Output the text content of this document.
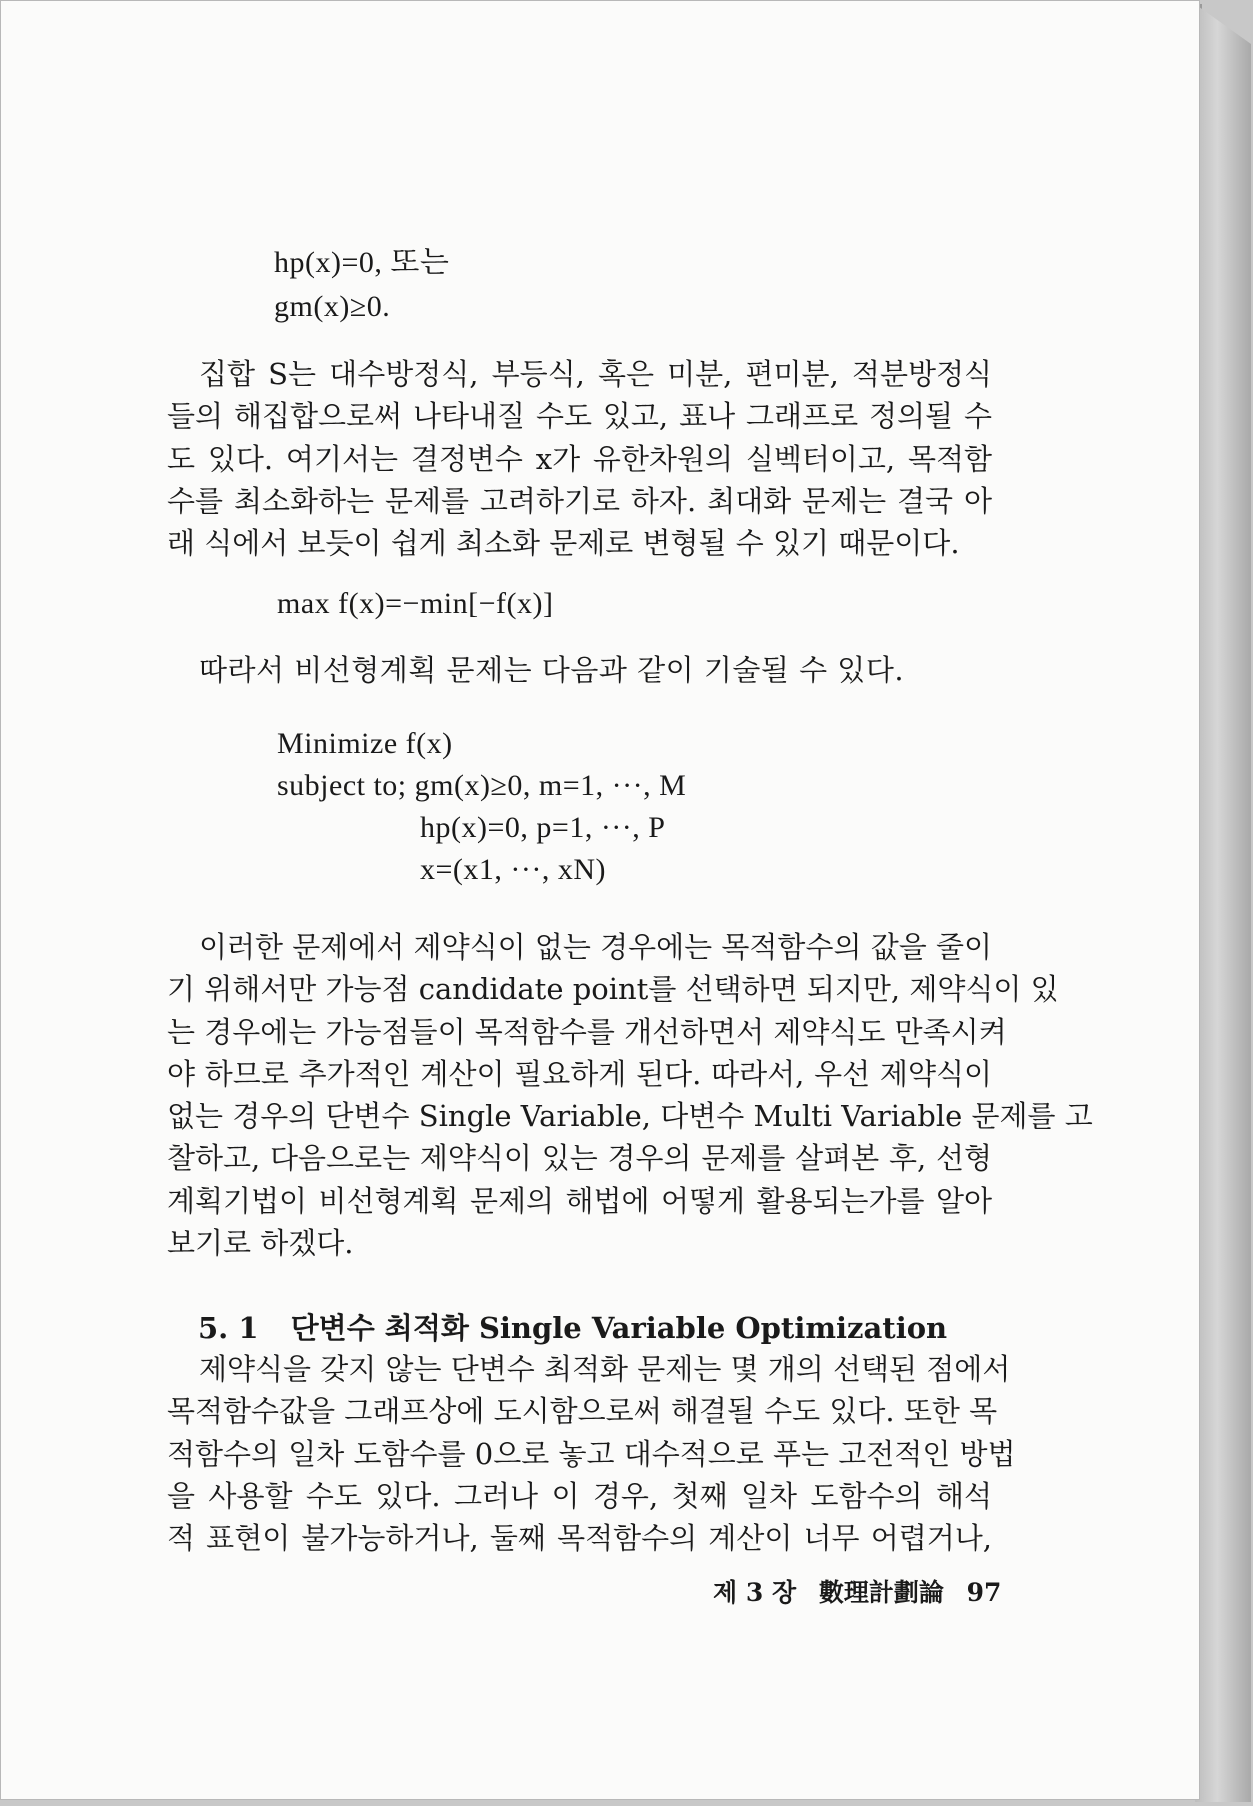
hp(x)=0, 또는
gm(x)≥0.
집합 S는 대수방정식, 부등식, 혹은 미분, 편미분, 적분방정식
들의 해집합으로써 나타내질 수도 있고, 표나 그래프로 정의될 수
도 있다. 여기서는 결정변수 x가 유한차원의 실벡터이고, 목적함
수를 최소화하는 문제를 고려하기로 하자. 최대화 문제는 결국 아
래 식에서 보듯이 쉽게 최소화 문제로 변형될 수 있기 때문이다.
max f(x)=−min[−f(x)]
따라서 비선형계획 문제는 다음과 같이 기술될 수 있다.
Minimize f(x)
subject to; gm(x)≥0, m=1, ···, M
hp(x)=0, p=1, ···, P
x=(x1, ···, xN)
이러한 문제에서 제약식이 없는 경우에는 목적함수의 값을 줄이
기 위해서만 가능점 candidate point를 선택하면 되지만, 제약식이 있
는 경우에는 가능점들이 목적함수를 개선하면서 제약식도 만족시켜
야 하므로 추가적인 계산이 필요하게 된다. 따라서, 우선 제약식이
없는 경우의 단변수 Single Variable, 다변수 Multi Variable 문제를 고
찰하고, 다음으로는 제약식이 있는 경우의 문제를 살펴본 후, 선형
계획기법이 비선형계획 문제의 해법에 어떻게 활용되는가를 알아
보기로 하겠다.
5. 1 단변수 최적화 Single Variable Optimization
제약식을 갖지 않는 단변수 최적화 문제는 몇 개의 선택된 점에서
목적함수값을 그래프상에 도시함으로써 해결될 수도 있다. 또한 목
적함수의 일차 도함수를 0으로 놓고 대수적으로 푸는 고전적인 방법
을 사용할 수도 있다. 그러나 이 경우, 첫째 일차 도함수의 해석
적 표현이 불가능하거나, 둘째 목적함수의 계산이 너무 어렵거나,
제 3 장 數理計劃論 97
